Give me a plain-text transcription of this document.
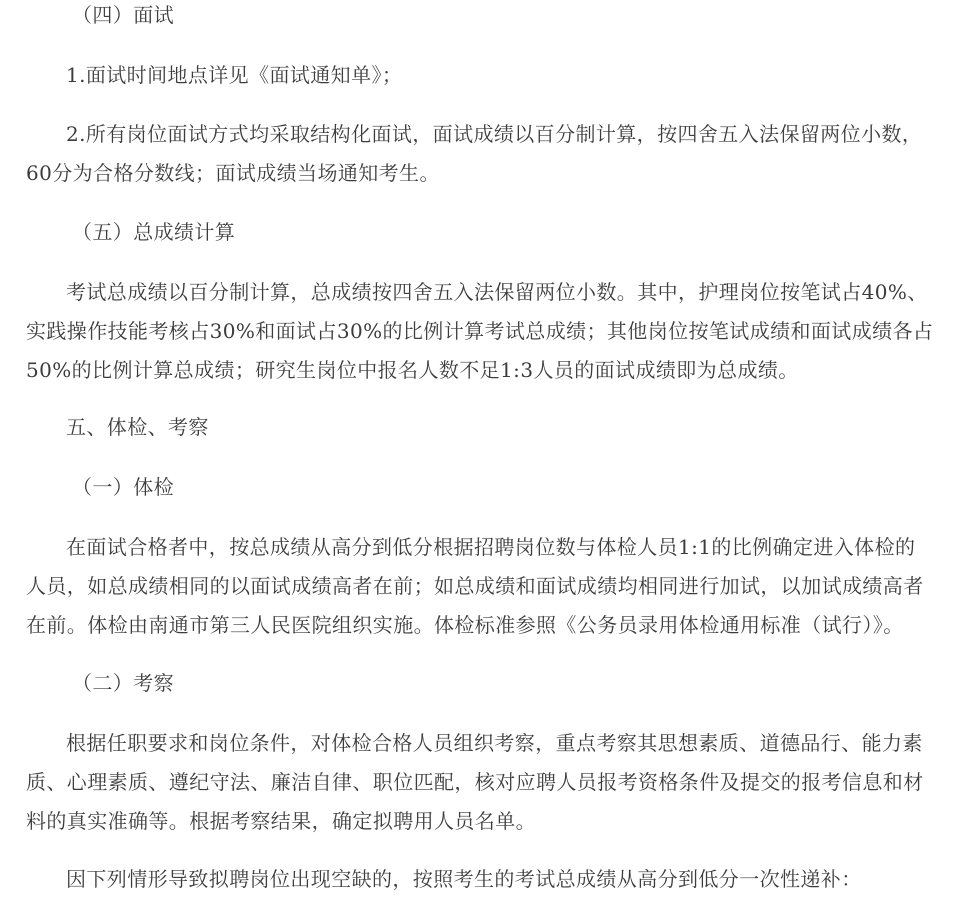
（四）面试

1.面试时间地点详见《面试通知单》；

2.所有岗位面试方式均采取结构化面试，面试成绩以百分制计算，按四舍五入法保留两位小数，
60分为合格分数线；面试成绩当场通知考生。

（五）总成绩计算

考试总成绩以百分制计算，总成绩按四舍五入法保留两位小数。其中，护理岗位按笔试占40%、
实践操作技能考核占30%和面试占30%的比例计算考试总成绩；其他岗位按笔试成绩和面试成绩各占
50%的比例计算总成绩；研究生岗位中报名人数不足1:3人员的面试成绩即为总成绩。

五、体检、考察

（一）体检

在面试合格者中，按总成绩从高分到低分根据招聘岗位数与体检人员1:1的比例确定进入体检的
人员，如总成绩相同的以面试成绩高者在前；如总成绩和面试成绩均相同进行加试，以加试成绩高者
在前。体检由南通市第三人民医院组织实施。体检标准参照《公务员录用体检通用标准（试行）》。

（二）考察

根据任职要求和岗位条件，对体检合格人员组织考察，重点考察其思想素质、道德品行、能力素
质、心理素质、遵纪守法、廉洁自律、职位匹配，核对应聘人员报考资格条件及提交的报考信息和材
料的真实准确等。根据考察结果，确定拟聘用人员名单。

因下列情形导致拟聘岗位出现空缺的，按照考生的考试总成绩从高分到低分一次性递补：
